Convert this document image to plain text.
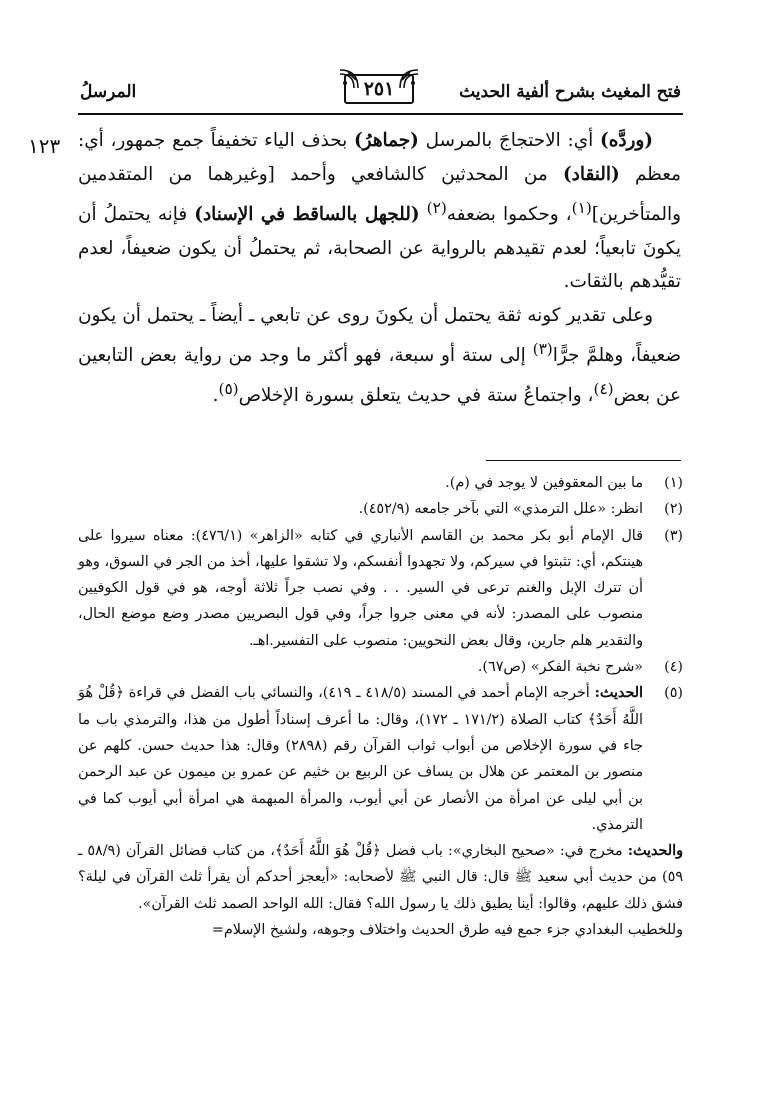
فتح المغيث بشرح ألفية الحديث
٢٥١
المرسلُ
١٢٣	(وردَّه) أي: الاحتجاجَ بالمرسل (جماهرُ) بحذف الياء تخفيفاً جمع جمهور، أي: معظم (النقاد) من المحدثين كالشافعي وأحمد [وغيرهما من المتقدمين والمتأخرين]$^{(١)}$، وحكموا بضعفه$^{(٢)}$ (للجهل بالساقط في الإسناد) فإنه يحتملُ أن يكونَ تابعياً؛ لعدم تقيدهم بالرواية عن الصحابة، ثم يحتملُ أن يكون ضعيفاً، لعدم تقيُّدهم بالثقات.

وعلى تقدير كونه ثقة يحتمل أن يكونَ روى عن تابعي ـ أيضاً ـ يحتمل أن يكون ضعيفاً، وهلمَّ جرًّا$^{(٣)}$ إلى ستة أو سبعة، فهو أكثر ما وجد من رواية بعض التابعين عن بعض$^{(٤)}$، واجتماعُ ستة في حديث يتعلق بسورة الإخلاص$^{(٥)}$.

(١)
ما بين المعقوفين لا يوجد في (م).
(٢)
انظر: «علل الترمذي» التي بآخر جامعه (٤٥٢/٩).
(٣)
قال الإمام أبو بكر محمد بن القاسم الأنباري في كتابه «الزاهر» (٤٧٦/١): معناه سيروا على هينتكم، أي: تثبتوا في سيركم، ولا تجهدوا أنفسكم، ولا تشقوا عليها، أخذ من الجر في السوق، وهو أن تترك الإبل والغنم ترعى في السير. . . وفي نصب جراً ثلاثة أوجه، هو في قول الكوفيين منصوب على المصدر: لأنه في معنى جروا جراً، وفي قول البصريين مصدر وضع موضع الحال، والتقدير هلم جارين، وقال بعض النحويين: منصوب على التفسير.اهـ.
(٤)
«شرح نخبة الفكر» (ص٦٧).
(٥)
الحديث: أخرجه الإمام أحمد في المسند (٤١٨/٥ ـ ٤١٩)، والنسائي باب الفضل في قراءة ﴿قُلْ هُوَ اللَّهُ أَحَدٌ﴾ كتاب الصلاة (١٧١/٢ ـ ١٧٢)، وقال: ما أعرف إسناداً أطول من هذا، والترمذي باب ما جاء في سورة الإخلاص من أبواب ثواب القرآن رقم (٢٨٩٨) وقال: هذا حديث حسن. كلهم عن منصور بن المعتمر عن هلال بن يساف عن الربيع بن خثيم عن عمرو بن ميمون عن عبد الرحمن بن أبي ليلى عن امرأة من الأنصار عن أبي أيوب، والمرأة المبهمة هي امرأة أبي أيوب كما في الترمذي.
والحديث: مخرج في: «صحيح البخاري»: باب فضل ﴿قُلْ هُوَ اللَّهُ أَحَدٌ﴾، من كتاب فضائل القرآن (٥٨/٩ ـ ٥٩) من حديث أبي سعيد ﷺ قال: قال النبي ﷺ لأصحابه: «أيعجز أحدكم أن يقرأ ثلث القرآن في ليلة؟ فشق ذلك عليهم، وقالوا: أينا يطيق ذلك يا رسول الله؟ فقال: الله الواحد الصمد ثلث القرآن».
وللخطيب البغدادي جزء جمع فيه طرق الحديث واختلاف وجوهه، ولشيخ الإسلام=
